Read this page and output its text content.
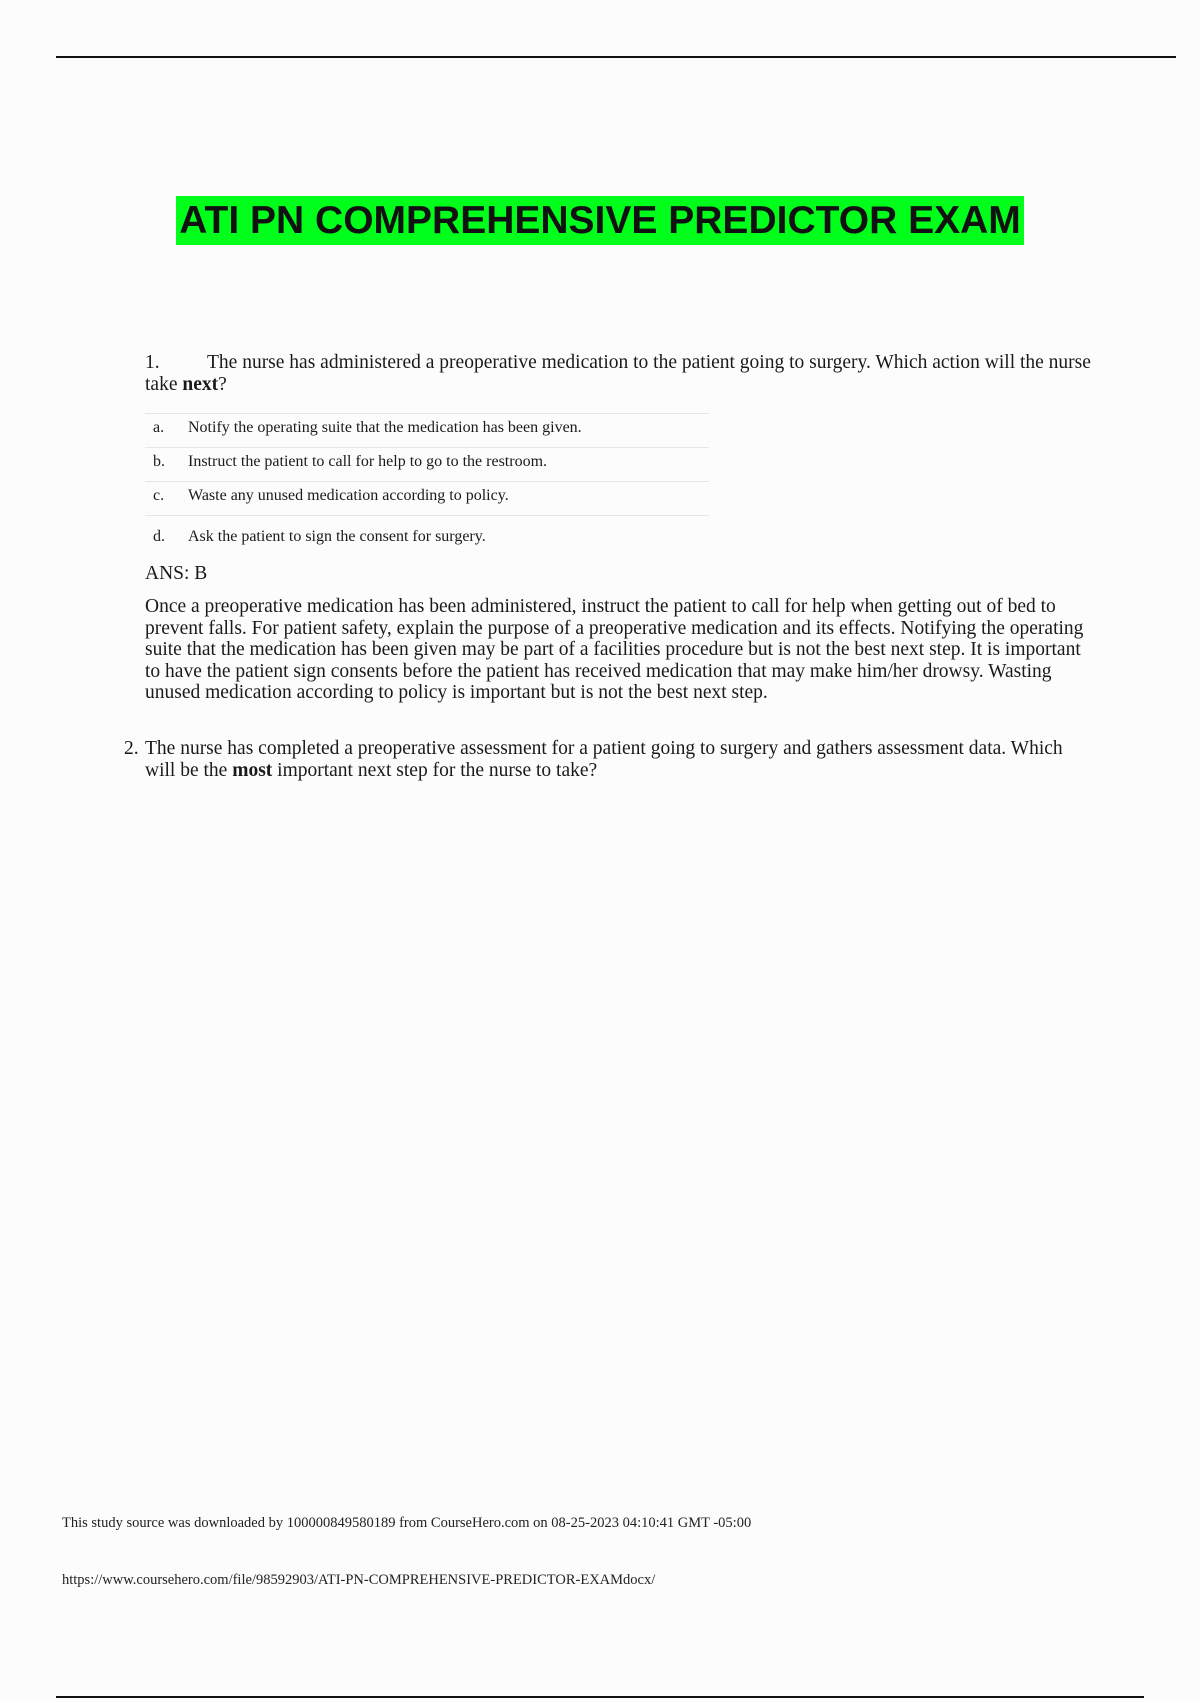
ATI PN COMPREHENSIVE PREDICTOR EXAM
1. The nurse has administered a preoperative medication to the patient going to surgery. Which action will the nurse take next?
a. Notify the operating suite that the medication has been given.
b. Instruct the patient to call for help to go to the restroom.
c. Waste any unused medication according to policy.
d. Ask the patient to sign the consent for surgery.
ANS: B
Once a preoperative medication has been administered, instruct the patient to call for help when getting out of bed to prevent falls. For patient safety, explain the purpose of a preoperative medication and its effects. Notifying the operating suite that the medication has been given may be part of a facilities procedure but is not the best next step. It is important to have the patient sign consents before the patient has received medication that may make him/her drowsy. Wasting unused medication according to policy is important but is not the best next step.
2. The nurse has completed a preoperative assessment for a patient going to surgery and gathers assessment data. Which will be the most important next step for the nurse to take?
This study source was downloaded by 100000849580189 from CourseHero.com on 08-25-2023 04:10:41 GMT -05:00
https://www.coursehero.com/file/98592903/ATI-PN-COMPREHENSIVE-PREDICTOR-EXAMdocx/
